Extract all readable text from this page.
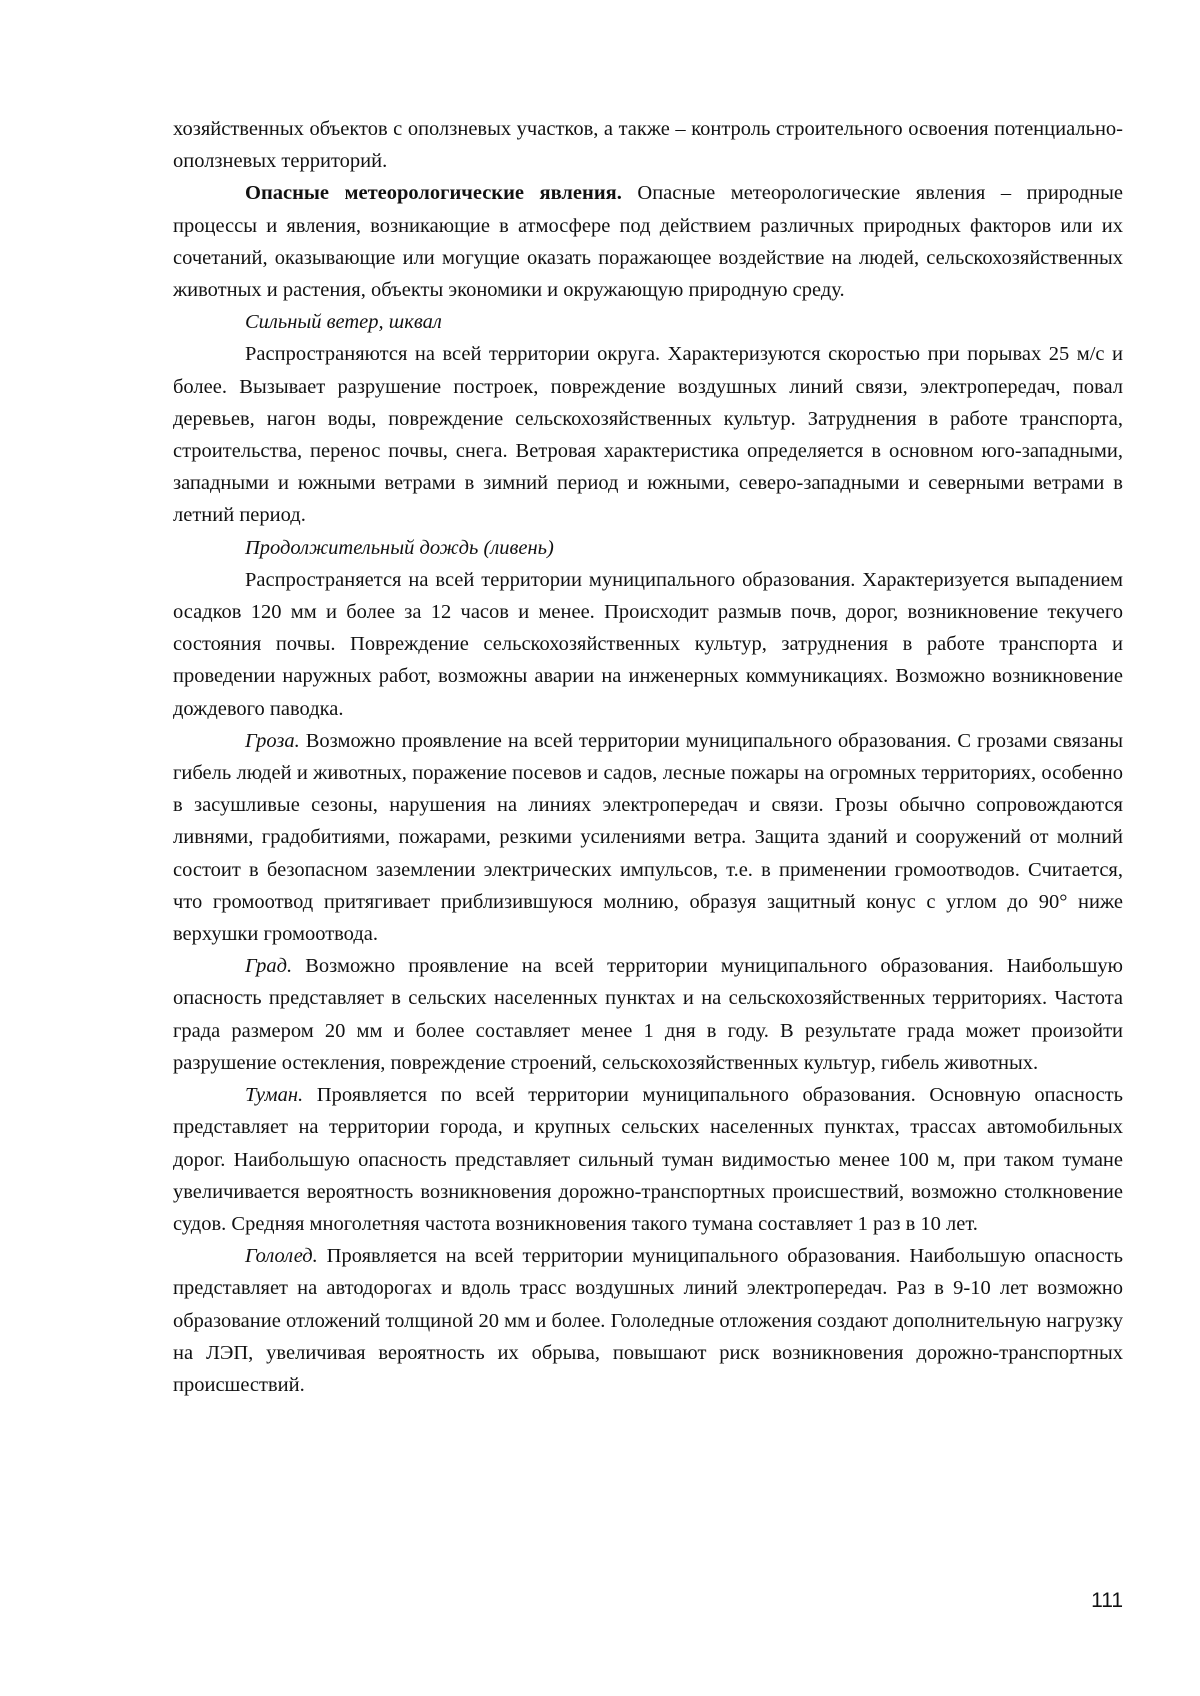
хозяйственных объектов с оползневых участков, а также – контроль строительного освоения потенциально-оползневых территорий.

Опасные метеорологические явления. Опасные метеорологические явления – природные процессы и явления, возникающие в атмосфере под действием различных природных факторов или их сочетаний, оказывающие или могущие оказать поражающее воздействие на людей, сельскохозяйственных животных и растения, объекты экономики и окружающую природную среду.

Сильный ветер, шквал

Распространяются на всей территории округа. Характеризуются скоростью при порывах 25 м/с и более. Вызывает разрушение построек, повреждение воздушных линий связи, электропередач, повал деревьев, нагон воды, повреждение сельскохозяйственных культур. Затруднения в работе транспорта, строительства, перенос почвы, снега. Ветровая характеристика определяется в основном юго-западными, западными и южными ветрами в зимний период и южными, северо-западными и северными ветрами в летний период.

Продолжительный дождь (ливень)

Распространяется на всей территории муниципального образования. Характеризуется выпадением осадков 120 мм и более за 12 часов и менее. Происходит размыв почв, дорог, возникновение текучего состояния почвы. Повреждение сельскохозяйственных культур, затруднения в работе транспорта и проведении наружных работ, возможны аварии на инженерных коммуникациях. Возможно возникновение дождевого паводка.

Гроза. Возможно проявление на всей территории муниципального образования. С грозами связаны гибель людей и животных, поражение посевов и садов, лесные пожары на огромных территориях, особенно в засушливые сезоны, нарушения на линиях электропередач и связи. Грозы обычно сопровождаются ливнями, градобитиями, пожарами, резкими усилениями ветра. Защита зданий и сооружений от молний состоит в безопасном заземлении электрических импульсов, т.е. в применении громоотводов. Считается, что громоотвод притягивает приблизившуюся молнию, образуя защитный конус с углом до 90° ниже верхушки громоотвода.

Град. Возможно проявление на всей территории муниципального образования. Наибольшую опасность представляет в сельских населенных пунктах и на сельскохозяйственных территориях. Частота града размером 20 мм и более составляет менее 1 дня в году. В результате града может произойти разрушение остекления, повреждение строений, сельскохозяйственных культур, гибель животных.

Туман. Проявляется по всей территории муниципального образования. Основную опасность представляет на территории города, и крупных сельских населенных пунктах, трассах автомобильных дорог. Наибольшую опасность представляет сильный туман видимостью менее 100 м, при таком тумане увеличивается вероятность возникновения дорожно-транспортных происшествий, возможно столкновение судов. Средняя многолетняя частота возникновения такого тумана составляет 1 раз в 10 лет.

Гололед. Проявляется на всей территории муниципального образования. Наибольшую опасность представляет на автодорогах и вдоль трасс воздушных линий электропередач. Раз в 9-10 лет возможно образование отложений толщиной 20 мм и более. Гололедные отложения создают дополнительную нагрузку на ЛЭП, увеличивая вероятность их обрыва, повышают риск возникновения дорожно-транспортных происшествий.

111
